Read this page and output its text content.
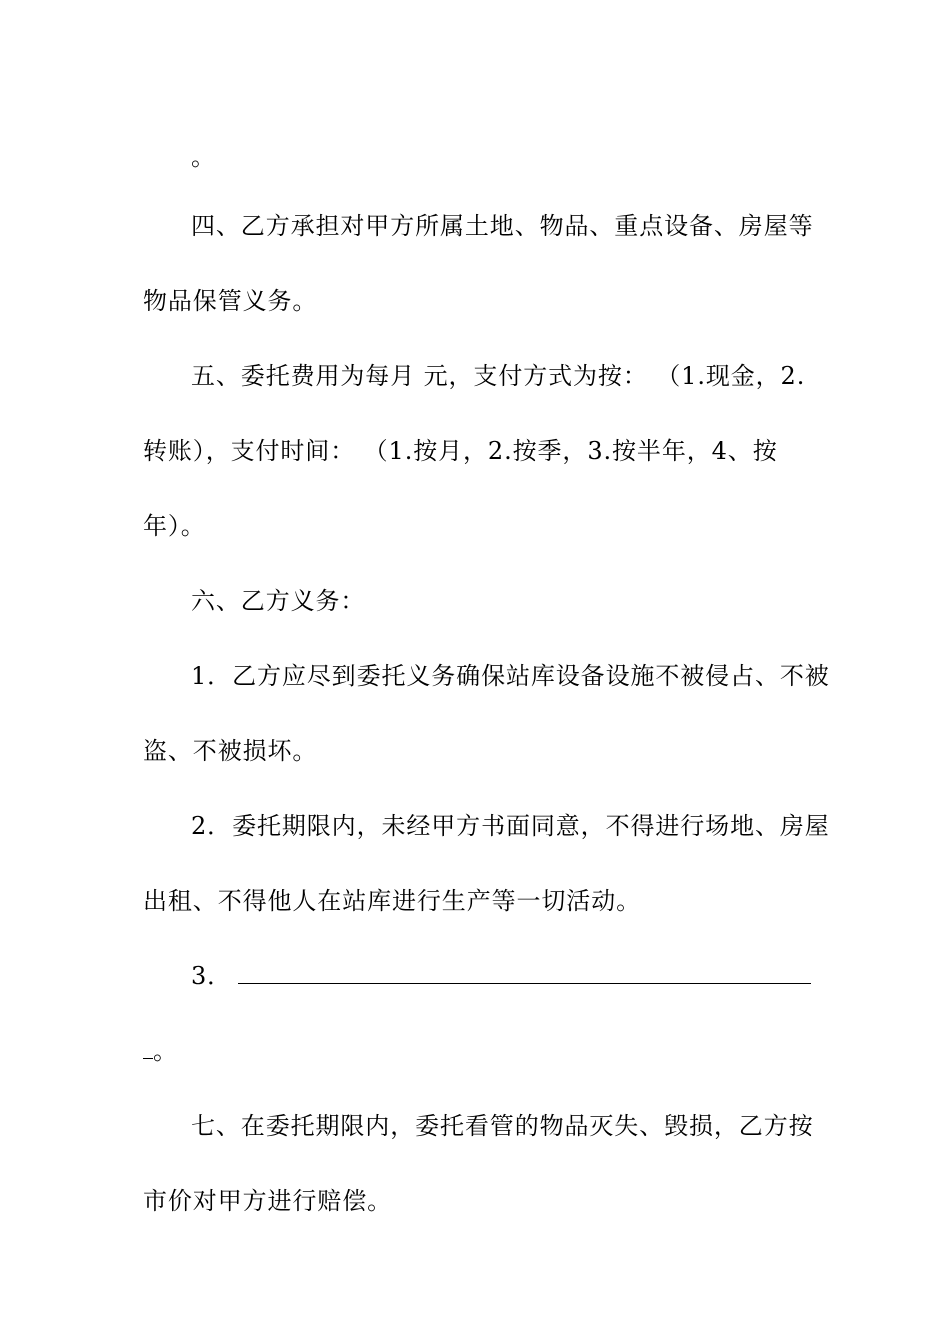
。
四、乙方承担对甲方所属土地、物品、重点设备、房屋等
物品保管义务。
五、委托费用为每月 元，支付方式为按： （1.现金，2.
转账），支付时间： （1.按月，2.按季，3.按半年，4、按
年）。
六、乙方义务：
1．乙方应尽到委托义务确保站库设备设施不被侵占、不被
盗、不被损坏。
2．委托期限内，未经甲方书面同意，不得进行场地、房屋
出租、不得他人在站库进行生产等一切活动。
3．
。
七、在委托期限内，委托看管的物品灭失、毁损，乙方按
市价对甲方进行赔偿。
